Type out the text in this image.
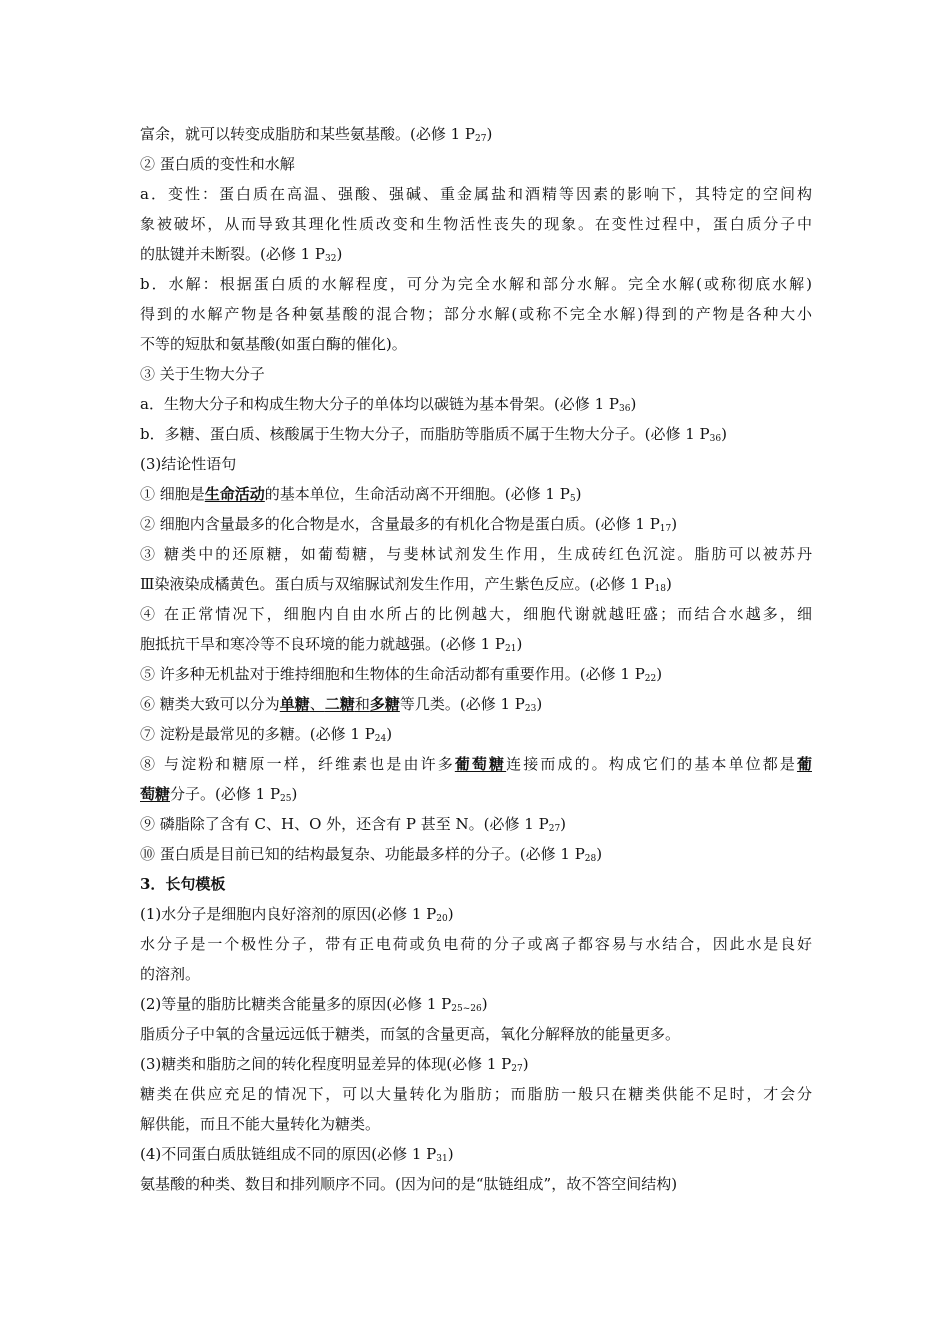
富余，就可以转变成脂肪和某些氨基酸。(必修 1 $P_{27}$)
② 蛋白质的变性和水解
a．变性：蛋白质在高温、强酸、强碱、重金属盐和酒精等因素的影响下，其特定的空间构
象被破坏，从而导致其理化性质改变和生物活性丧失的现象。在变性过程中，蛋白质分子中
的肽键并未断裂。(必修 1 $P_{32}$)
b．水解：根据蛋白质的水解程度，可分为完全水解和部分水解。完全水解(或称彻底水解)
得到的水解产物是各种氨基酸的混合物；部分水解(或称不完全水解)得到的产物是各种大小
不等的短肽和氨基酸(如蛋白酶的催化)。
③ 关于生物大分子
a．生物大分子和构成生物大分子的单体均以碳链为基本骨架。(必修 1 $P_{36}$)
b．多糖、蛋白质、核酸属于生物大分子，而脂肪等脂质不属于生物大分子。(必修 1 $P_{36}$)
(3)结论性语句
① 细胞是生命活动的基本单位，生命活动离不开细胞。(必修 1 $P_5$)
② 细胞内含量最多的化合物是水，含量最多的有机化合物是蛋白质。(必修 1 $P_{17}$)
③ 糖类中的还原糖，如葡萄糖，与斐林试剂发生作用，生成砖红色沉淀。脂肪可以被苏丹
Ⅲ染液染成橘黄色。蛋白质与双缩脲试剂发生作用，产生紫色反应。(必修 1 $P_{18}$)
④ 在正常情况下，细胞内自由水所占的比例越大，细胞代谢就越旺盛；而结合水越多，细
胞抵抗干旱和寒冷等不良环境的能力就越强。(必修 1 $P_{21}$)
⑤ 许多种无机盐对于维持细胞和生物体的生命活动都有重要作用。(必修 1 $P_{22}$)
⑥ 糖类大致可以分为单糖、二糖和多糖等几类。(必修 1 $P_{23}$)
⑦ 淀粉是最常见的多糖。(必修 1 $P_{24}$)
⑧ 与淀粉和糖原一样，纤维素也是由许多葡萄糖连接而成的。构成它们的基本单位都是葡
萄糖分子。(必修 1 $P_{25}$)
⑨ 磷脂除了含有 C、H、O 外，还含有 P 甚至 N。(必修 1 $P_{27}$)
⑩ 蛋白质是目前已知的结构最复杂、功能最多样的分子。(必修 1 $P_{28}$)
3．长句模板
(1)水分子是细胞内良好溶剂的原因(必修 1 $P_{20}$)
水分子是一个极性分子，带有正电荷或负电荷的分子或离子都容易与水结合，因此水是良好
的溶剂。
(2)等量的脂肪比糖类含能量多的原因(必修 1 $P_{25\sim 26}$)
脂质分子中氧的含量远远低于糖类，而氢的含量更高，氧化分解释放的能量更多。
(3)糖类和脂肪之间的转化程度明显差异的体现(必修 1 $P_{27}$)
糖类在供应充足的情况下，可以大量转化为脂肪；而脂肪一般只在糖类供能不足时，才会分
解供能，而且不能大量转化为糖类。
(4)不同蛋白质肽链组成不同的原因(必修 1 $P_{31}$)
氨基酸的种类、数目和排列顺序不同。(因为问的是“肽链组成”，故不答空间结构)
